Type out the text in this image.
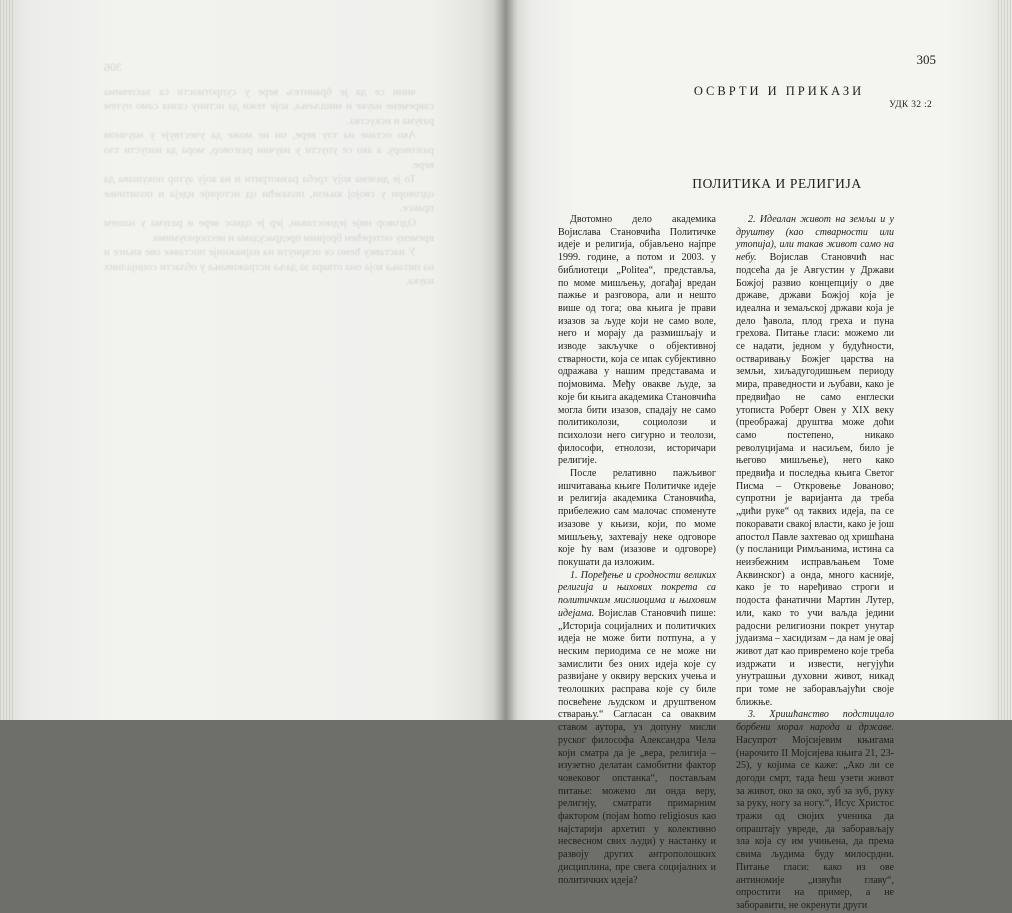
306

чини се да је бранитељ вере у супротности са захтевима савремене науке и мишљења, које тежи да истину сазна само путем разума и искуства.

Ако остане на тлу вере, он не може да учествује у научном разговору, а ако се упусти у научни разговор, мора да напусти тло вере.

То је дилема коју треба размотрити и на коју аутор покушава да одговори у својој књизи, полазећи од историје идеја и политичке праксе.

Одговор није једноставан, јер је однос вере и разума у нашем времену оптерећен бројним предрасудама и неспоразумима.

У наставку ћемо се осврнути на најважније поставке ове књиге и на питања која она отвара за даља истраживања у области социјалних наука.

305
ОСВРТИ И ПРИКАЗИ
УДК 32 :2
ПОЛИТИКА И РЕЛИГИЈА

Двотомно дело академика Војислава Становчића Политичке идеје и религија, објављено најпре 1999. године, а потом и 2003. у библиотеци „Politea“, представља, по моме мишљењу, догађај вредан пажње и разговора, али и нешто више од тога; ова књига је прави изазов за људе који не само воле, него и морају да размишљају и изводе закључке о објективној стварности, која се ипак субјективно одражава у нашим представама и појмовима. Међу овакве људе, за које би књига академика Становчића могла бити изазов, спадају не само политиколози, социолози и психолози него сигурно и теолози, философи, етнолози, историчари религије.

После релативно пажљивог ишчитавања књиге Политичке идеје и религија академика Становчића, прибележио сам малочас споменуте изазове у књизи, који, по моме мишљењу, захтевају неке одговоре које ћу вам (изазове и одговоре) покушати да изложим.

1. Поређење и сродности великих религија и њихових покрета са политичким мислиоцима и њиховим идејама. Војислав Становчић пише: „Историја социјалних и политичких идеја не може бити потпуна, а у неским периодима се не може ни замислити без оних идеја које су развијане у оквиру верских учења и теолошких расправа које су биле посвећене људском и друштвеном стварању.“ Сагласан са оваквим ставом аутора, уз допуну мисли руског философа Александра Чела који сматра да је „вера, религија – изузетно делатан самобитни фактор човековог опстанка“, постављам питање: можемо ли онда веру, религију, сматрати примарним фактором (појам homo religiosus као најстарији архетип у колективно несвесном свих људи) у настанку и развоју других антрополошких дисциплина, пре свега социјалних и политичких идеја?

2. Идеалан живот на земљи и у друштву (као стварности или утопија), или такав живот само на небу. Војислав Становчић нас подсећа да је Августин у Држави Божјој развио концепцију о две државе, држави Божјој која је идеална и земаљској држави која је дело ђавола, плод греха и пуна грехова. Питање гласи: можемо ли се надати, једном у будућности, остваривању Божјег царства на земљи, хиљадугодишњем периоду мира, праведности и љубави, како је предвиђао не само енглески утописта Роберт Овен у XIX веку (преображај друштва може доћи само постепено, никако револуцијама и насиљем, било је његово мишљење), него како предвиђа и последња књига Светог Писма – Откровење Јованово; супротни је варијанта да треба „дићи руке“ од таквих идеја, па се покоравати свакој власти, како је још апостол Павле захтевао од хришћана (у посланици Римљанима, истина са неизбежним исправљањем Томе Аквинског) а онда, много касније, како је то наређивао строги и подоста фанатични Мартин Лутер, или, како то учи ваљда једини радосни религиозни покрет унутар јудаизма – хасидизам – да нам је овај живот дат као привремено које треба издржати и извести, негујући унутрашњи духовни живот, никад при томе не заборављајући своје ближње.

3. Хришћанство подстицало борбени морал народа и државе. Насупрот Мојсијевим књигама (нарочито II Мојсијева књига 21, 23-25), у којима се каже: „Ако ли се догоди смрт, тада ћеш узети живот за живот, око за око, зуб за зуб, руку за руку, ногу за ногу.“, Исус Христос тражи од својих ученика да опраштају увреде, да заборављају зла која су им учињена, да према свима људима буду милосрдни. Питање гласи: како из ове антиномије „извући главу“, опростити на пример, а не заборавити, не окренути други
